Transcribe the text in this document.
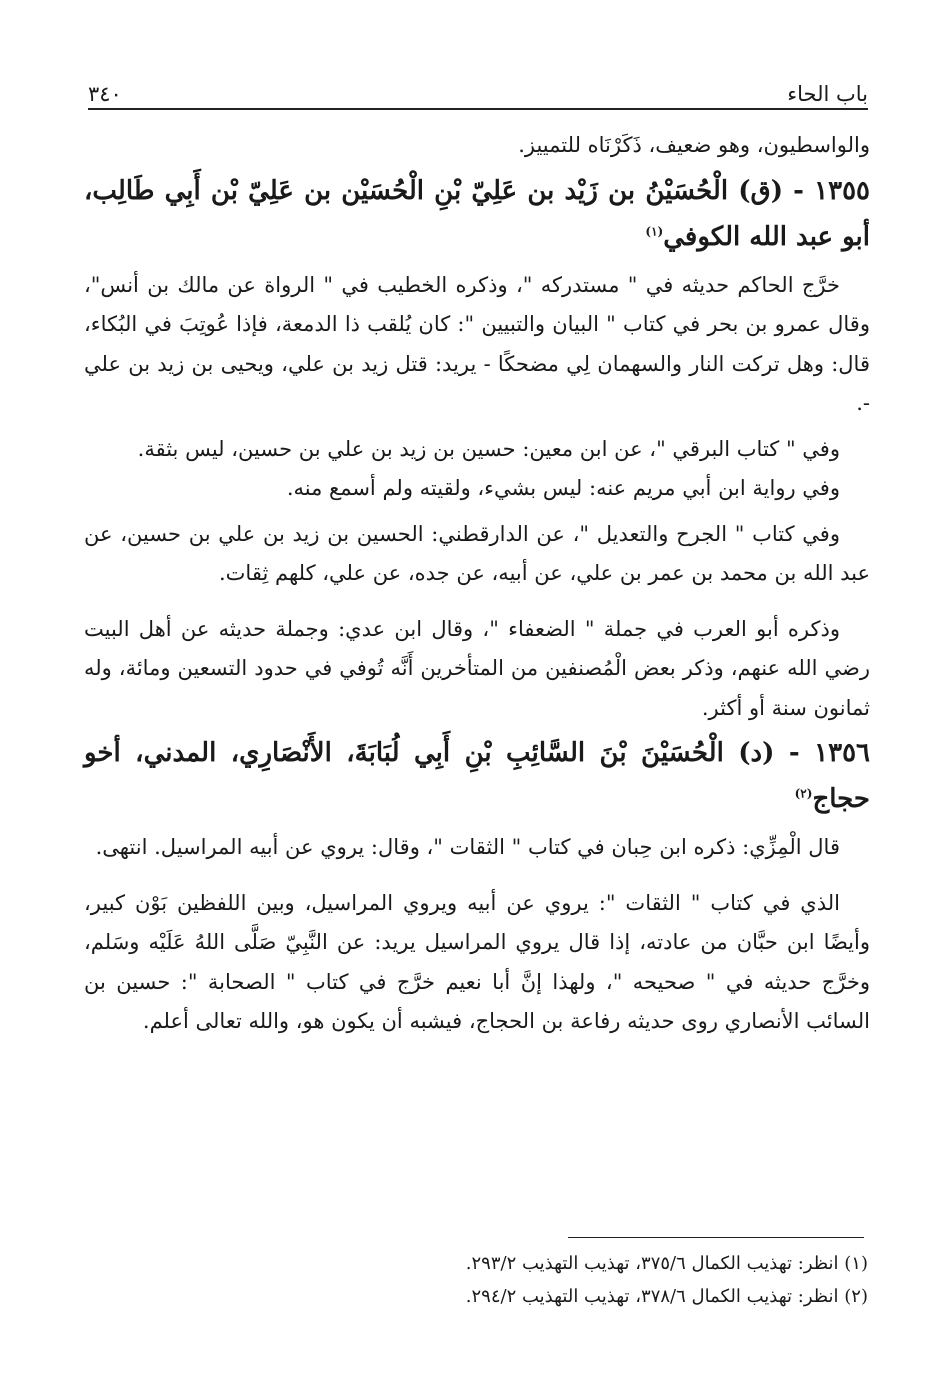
باب الحاء
٣٤٠

والواسطيون، وهو ضعيف، ذَكَرْنَاه للتمييز.

١٣٥٥ - (ق) الْحُسَيْنُ بن زَيْد بن عَلِيّ بْنِ الْحُسَيْن بن عَلِيّ بْن أَبِي طَالِب، أبو عبد الله الكوفي$^{(١)}$

خرَّج الحاكم حديثه في " مستدركه "، وذكره الخطيب في " الرواة عن مالك بن أنس"، وقال عمرو بن بحر في كتاب " البيان والتبيين ": كان يُلقب ذا الدمعة، فإذا عُوتِبَ في البُكاء، قال: وهل تركت النار والسهمان لِي مضحكًا - يريد: قتل زيد بن علي، ويحيى بن زيد بن علي -.

وفي " كتاب البرقي "، عن ابن معين: حسين بن زيد بن علي بن حسين، ليس بثقة.

وفي رواية ابن أبي مريم عنه: ليس بشيء، ولقيته ولم أسمع منه.

وفي كتاب " الجرح والتعديل "، عن الدارقطني: الحسين بن زيد بن علي بن حسين، عن عبد الله بن محمد بن عمر بن علي، عن أبيه، عن جده، عن علي، كلهم ثِقات.

وذكره أبو العرب في جملة " الضعفاء "، وقال ابن عدي: وجملة حديثه عن أهل البيت رضي الله عنهم، وذكر بعض الْمُصنفين من المتأخرين أَنَّه تُوفي في حدود التسعين ومائة، وله ثمانون سنة أو أكثر.

١٣٥٦ - (د) الْحُسَيْنَ بْنَ السَّائِبِ بْنِ أَبِي لُبَابَةَ، الأَنْصَارِي، المدني، أخو حجاج$^{(٢)}$

قال الْمِزِّي: ذكره ابن حِبان في كتاب " الثقات "، وقال: يروي عن أبيه المراسيل. انتهى.

الذي في كتاب " الثقات ": يروي عن أبيه ويروي المراسيل، وبين اللفظين بَوْن كبير، وأيضًا ابن حبَّان من عادته، إذا قال يروي المراسيل يريد: عن النَّبِيّ صَلَّى اللهُ عَلَيْه وسَلم، وخرَّج حديثه في " صحيحه "، ولهذا إنَّ أبا نعيم خرَّج في كتاب " الصحابة ": حسين بن السائب الأنصاري روى حديثه رفاعة بن الحجاج، فيشبه أن يكون هو، والله تعالى أعلم.

(١) انظر: تهذيب الكمال ٣٧٥/٦، تهذيب التهذيب ٢٩٣/٢.
(٢) انظر: تهذيب الكمال ٣٧٨/٦، تهذيب التهذيب ٢٩٤/٢.
